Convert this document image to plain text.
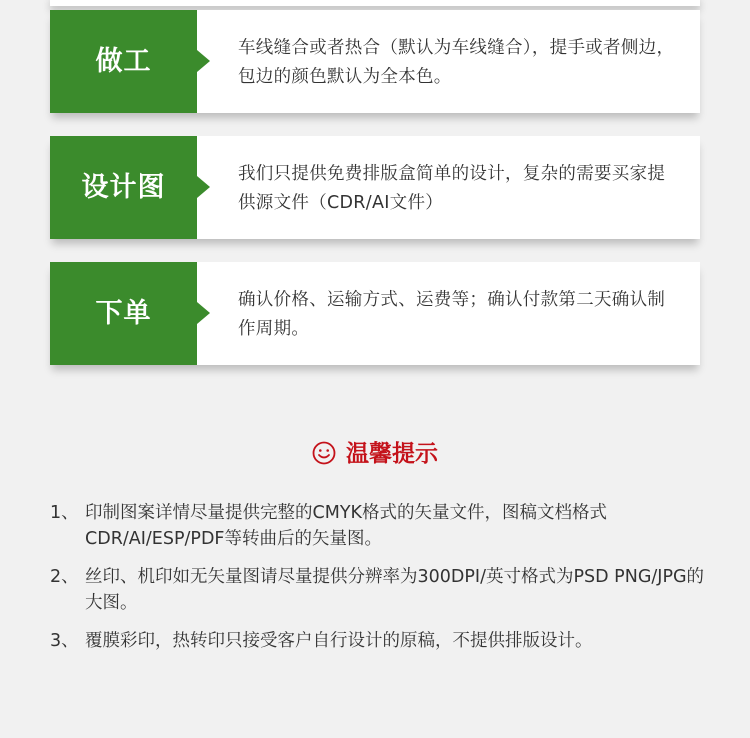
做工	车线缝合或者热合（默认为车线缝合），提手或者侧边，包边的颜色默认为全本色。
设计图	我们只提供免费排版盒简单的设计，复杂的需要买家提供源文件（CDR/AI文件）
下单	确认价格、运输方式、运费等；确认付款第二天确认制作周期。
温馨提示
1、 印制图案详情尽量提供完整的CMYK格式的矢量文件，图稿文档格式CDR/AI/ESP/PDF等转曲后的矢量图。
2、 丝印、机印如无矢量图请尽量提供分辨率为300DPI/英寸格式为PSD PNG/JPG的大图。
3、 覆膜彩印，热转印只接受客户自行设计的原稿，不提供排版设计。
